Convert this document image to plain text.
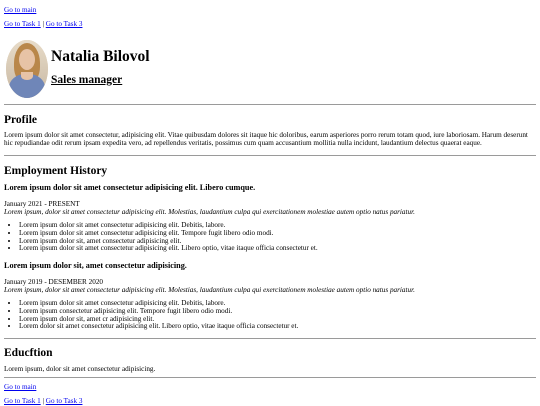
Go to main
Go to Task 1 | Go to Task 3
Natalia Bilovol
Sales manager
Profile
Lorem ipsum dolor sit amet consectetur, adipisicing elit. Vitae quibusdam dolores sit itaque hic doloribus, earum asperiores porro rerum totam quod, iure laboriosam. Harum deserunt hic repudiandae odit rerum ipsam expedita vero, ad repellendus veritatis, possimus cum quam accusantium mollitia nulla incidunt, laudantium delectus quaerat eaque.
Employment History
Lorem ipsum dolor sit amet consectetur adipisicing elit. Libero cumque.
January 2021 - PRESENT
Lorem ipsum, dolor sit amet consectetur adipisicing elit. Molestias, laudantium culpa qui exercitationem molestiae autem optio natus pariatur.
• Lorem ipsum dolor sit amet consectetur adipisicing elit. Debitis, labore.
• Lorem ipsum dolor sit amet consectetur adipisicing elit. Tempore fugit libero odio modi.
• Lorem ipsum dolor sit, amet consectetur adipisicing elit.
• Lorem ipsum dolor sit amet consectetur adipisicing elit. Libero optio, vitae itaque officia consectetur et.
Lorem ipsum dolor sit, amet consectetur adipisicing.
January 2019 - DESEMBER 2020
Lorem ipsum, dolor sit amet consectetur adipisicing elit. Molestias, laudantium culpa qui exercitationem molestiae autem optio natus pariatur.
• Lorem ipsum dolor sit amet consectetur adipisicing elit. Debitis, labore.
• Lorem ipsum consectetur adipisicing elit. Tempore fugit libero odio modi.
• Lorem ipsum dolor sit, amet cr adipisicing elit.
• Lorem dolor sit amet consectetur adipisicing elit. Libero optio, vitae itaque officia consectetur et.
Educftion
Lorem ipsum, dolor sit amet consectetur adipisicing.
Go to main
Go to Task 1 | Go to Task 3
